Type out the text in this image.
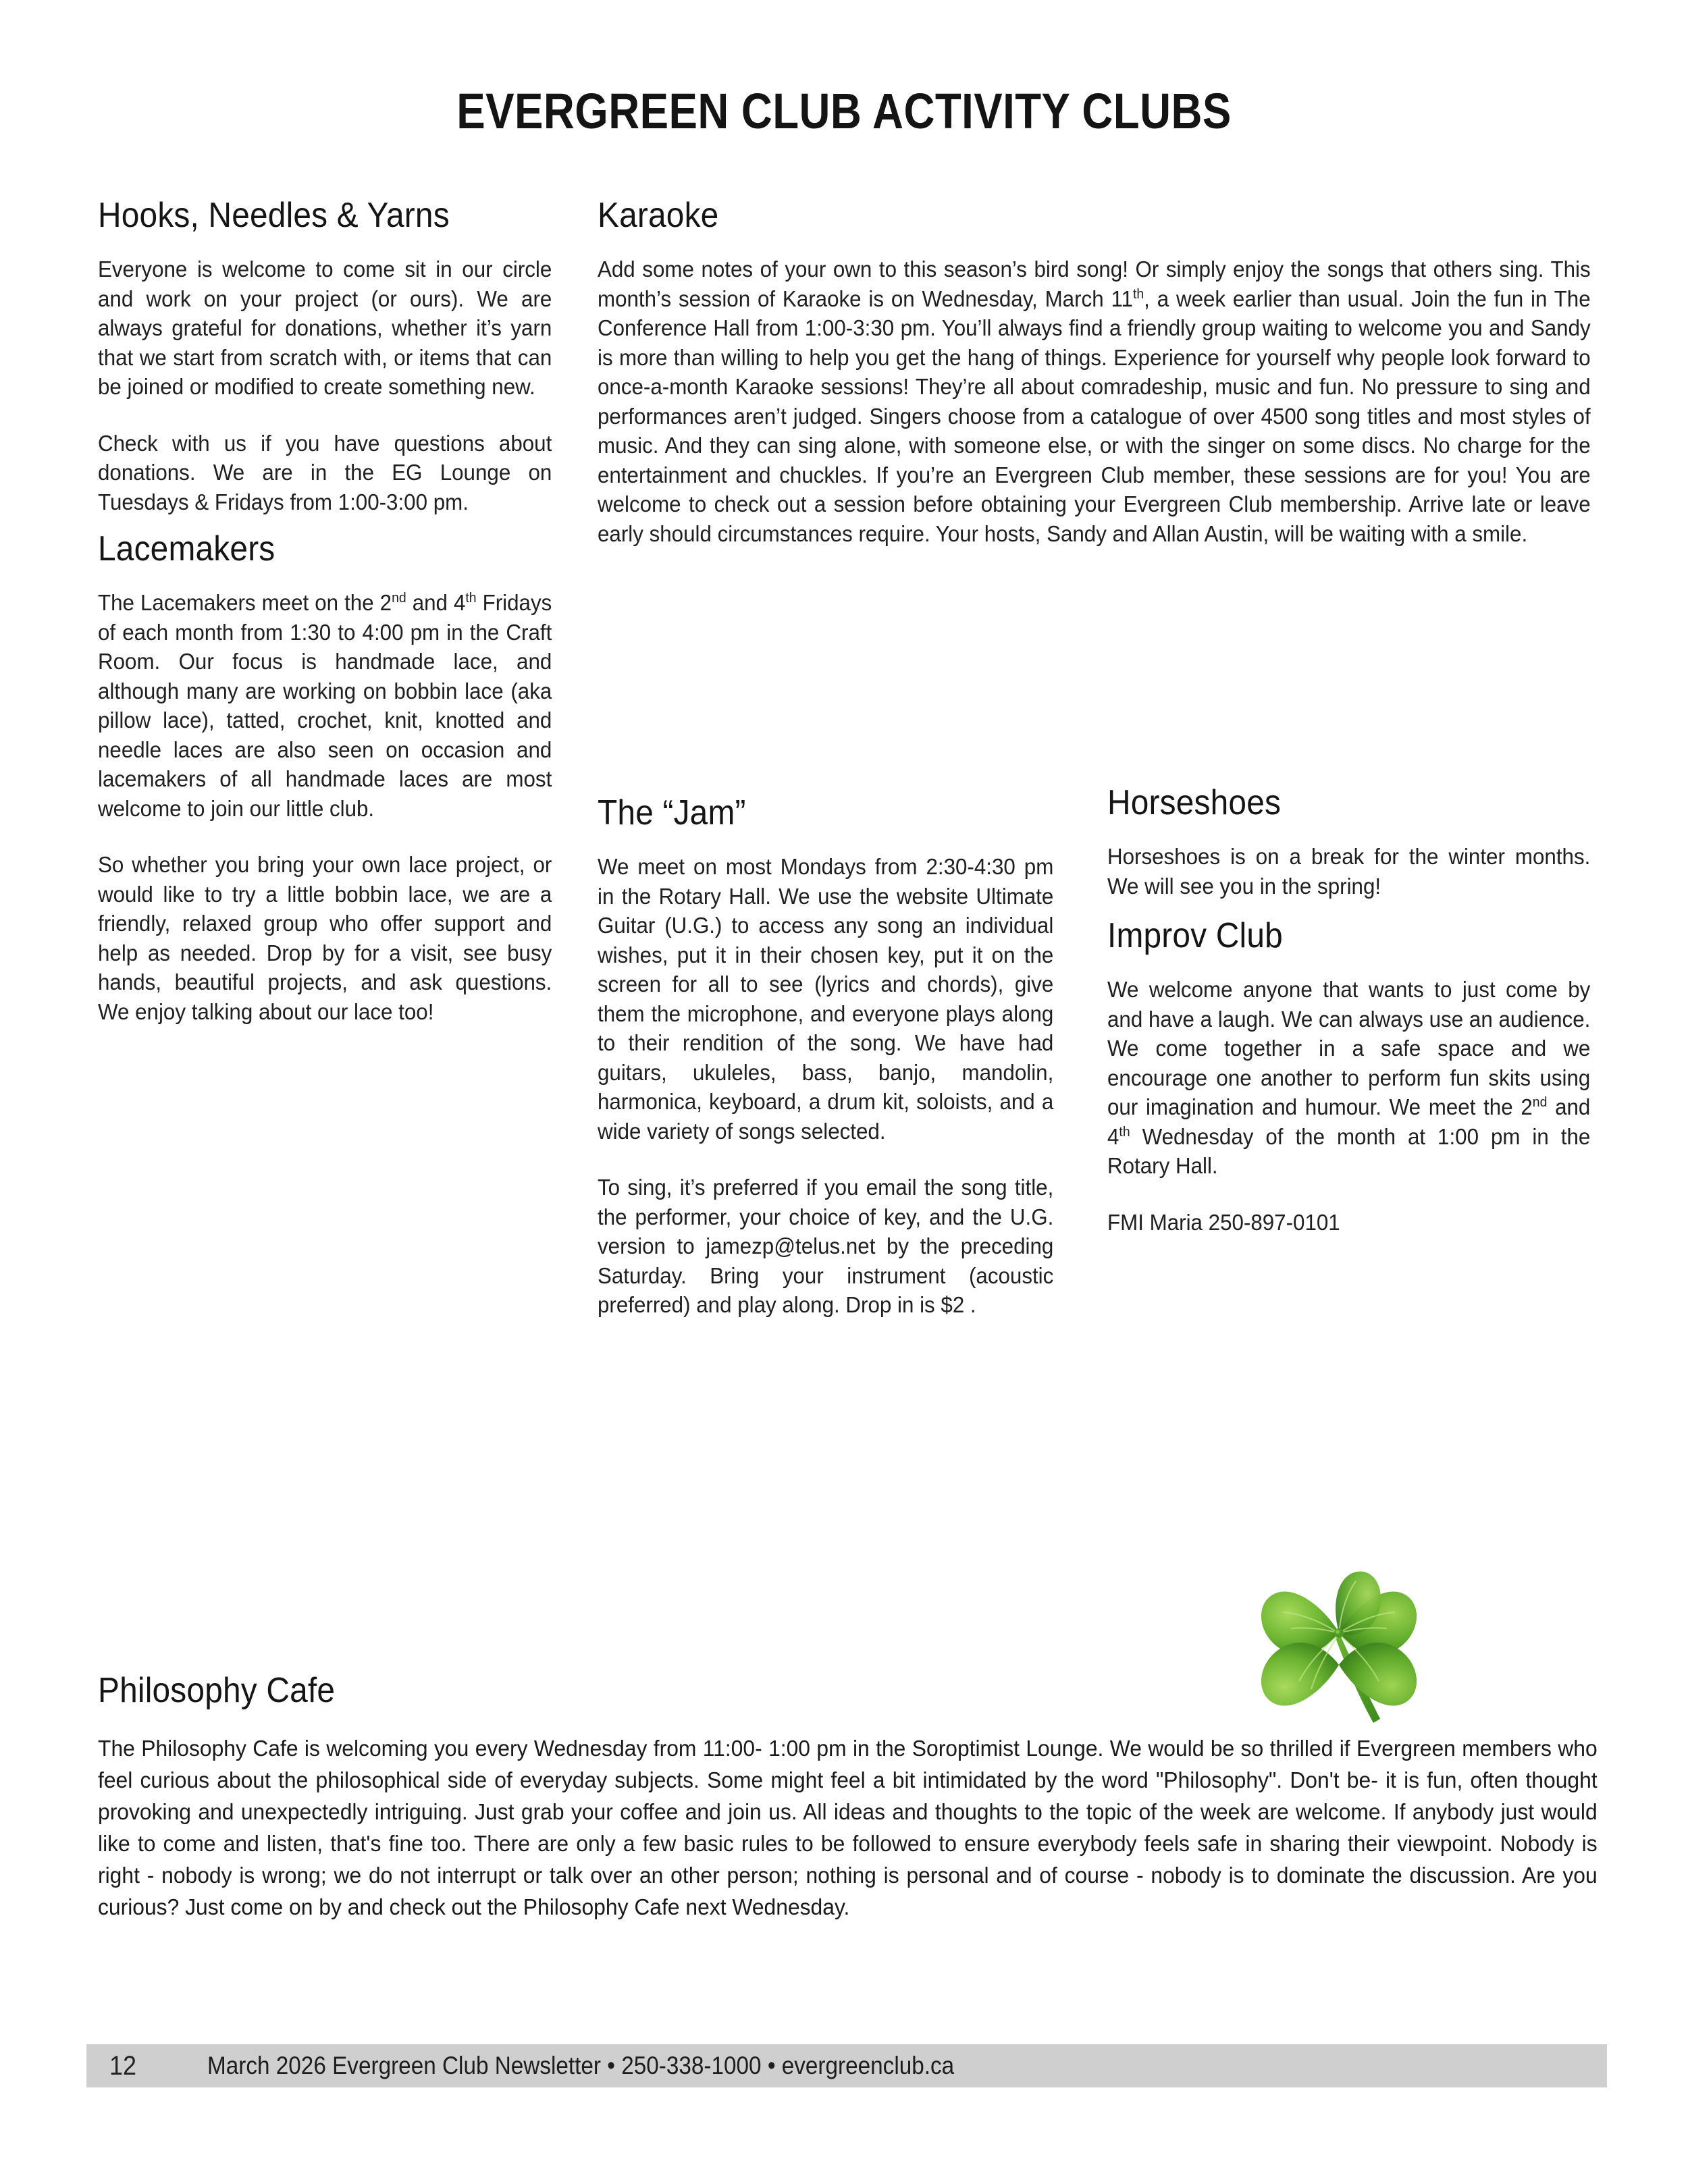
EVERGREEN CLUB ACTIVITY CLUBS
Hooks, Needles & Yarns

Everyone is welcome to come sit in our circle and work on your project (or ours). We are always grateful for donations, whether it’s yarn that we start from scratch with, or items that can be joined or modified to create something new.

Check with us if you have questions about donations. We are in the EG Lounge on Tuesdays & Fridays from 1:00-3:00 pm.

Lacemakers

The Lacemakers meet on the 2nd and 4th Fridays of each month from 1:30 to 4:00 pm in the Craft Room. Our focus is handmade lace, and although many are working on bobbin lace (aka pillow lace), tatted, crochet, knit, knotted and needle laces are also seen on occasion and lacemakers of all handmade laces are most welcome to join our little club.

So whether you bring your own lace project, or would like to try a little bobbin lace, we are a friendly, relaxed group who offer support and help as needed. Drop by for a visit, see busy hands, beautiful projects, and ask questions. We enjoy talking about our lace too!

Karaoke

Add some notes of your own to this season’s bird song! Or simply enjoy the songs that others sing. This month’s session of Karaoke is on Wednesday, March 11th, a week earlier than usual. Join the fun in The Conference Hall from 1:00-3:30 pm. You’ll always find a friendly group waiting to welcome you and Sandy is more than willing to help you get the hang of things. Experience for yourself why people look forward to once-a-month Karaoke sessions! They’re all about comradeship, music and fun. No pressure to sing and performances aren’t judged. Singers choose from a catalogue of over 4500 song titles and most styles of music. And they can sing alone, with someone else, or with the singer on some discs. No charge for the entertainment and chuckles. If you’re an Evergreen Club member, these sessions are for you! You are welcome to check out a session before obtaining your Evergreen Club membership. Arrive late or leave early should circumstances require. Your hosts, Sandy and Allan Austin, will be waiting with a smile.

The “Jam”

We meet on most Mondays from 2:30-4:30 pm in the Rotary Hall. We use the website Ultimate Guitar (U.G.) to access any song an individual wishes, put it in their chosen key, put it on the screen for all to see (lyrics and chords), give them the microphone, and everyone plays along to their rendition of the song. We have had guitars, ukuleles, bass, banjo, mandolin, harmonica, keyboard, a drum kit, soloists, and a wide variety of songs selected.

To sing, it’s preferred if you email the song title, the performer, your choice of key, and the U.G. version to jamezp@telus.net by the preceding Saturday. Bring your instrument (acoustic preferred) and play along. Drop in is $2 .

Horseshoes

Horseshoes is on a break for the winter months. We will see you in the spring!

Improv Club

We welcome anyone that wants to just come by and have a laugh. We can always use an audience. We come together in a safe space and we encourage one another to perform fun skits using our imagination and humour. We meet the 2nd and 4th Wednesday of the month at 1:00 pm in the Rotary Hall.

FMI Maria 250-897-0101

Philosophy Cafe

The Philosophy Cafe is welcoming you every Wednesday from 11:00- 1:00 pm in the Soroptimist Lounge. We would be so thrilled if Evergreen members who feel curious about the philosophical side of everyday subjects. Some might feel a bit intimidated by the word "Philosophy". Don't be- it is fun, often thought provoking and unexpectedly intriguing. Just grab your coffee and join us. All ideas and thoughts to the topic of the week are welcome. If anybody just would like to come and listen, that's fine too. There are only a few basic rules to be followed to ensure everybody feels safe in sharing their viewpoint. Nobody is right - nobody is wrong; we do not interrupt or talk over an other person; nothing is personal and of course - nobody is to dominate the discussion. Are you curious? Just come on by and check out the Philosophy Cafe next Wednesday.

12	March 2026 Evergreen Club Newsletter • 250-338-1000 • evergreenclub.ca
